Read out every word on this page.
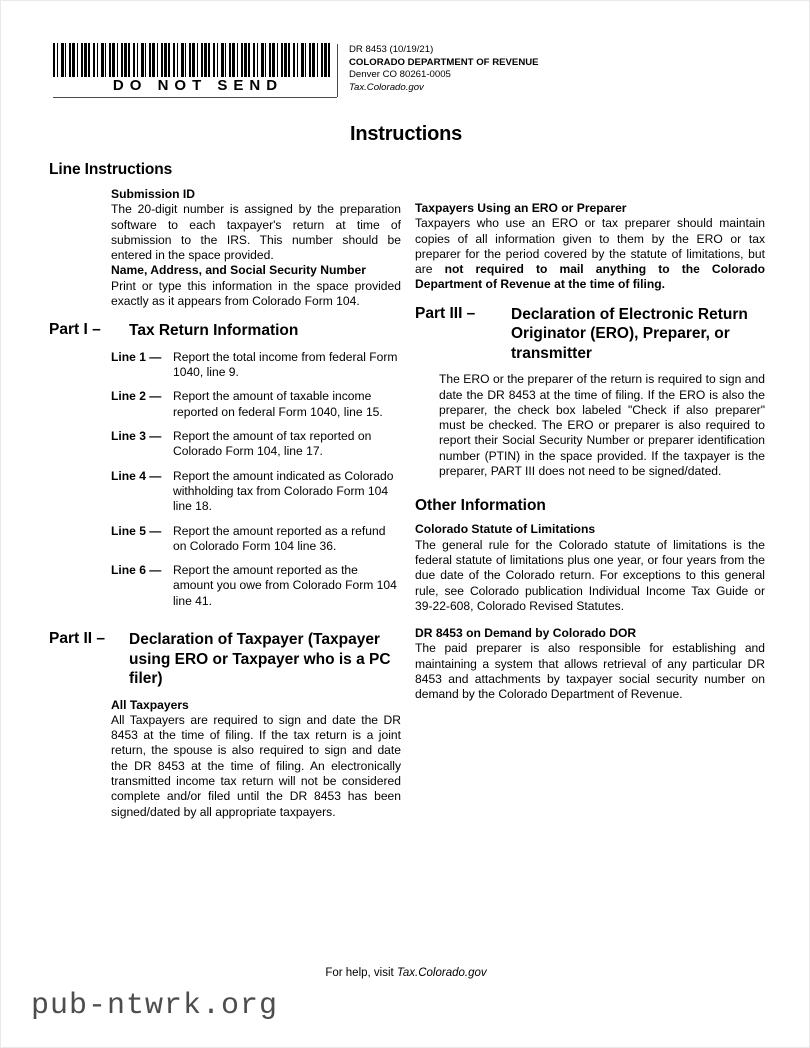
DO NOT SEND
DR 8453 (10/19/21)
COLORADO DEPARTMENT OF REVENUE
Denver CO 80261-0005
Tax.Colorado.gov
Instructions
Line Instructions
Submission ID

The 20-digit number is assigned by the preparation software to each taxpayer's return at time of submission to the IRS. This number should be entered in the space provided.

Name, Address, and Social Security Number

Print or type this information in the space provided exactly as it appears from Colorado Form 104.

Part I –	Tax Return Information
Line 1 — Report the total income from federal Form 1040, line 9.
Line 2 — Report the amount of taxable income reported on federal Form 1040, line 15.
Line 3 — Report the amount of tax reported on Colorado Form 104, line 17.
Line 4 — Report the amount indicated as Colorado withholding tax from Colorado Form 104 line 18.
Line 5 — Report the amount reported as a refund on Colorado Form 104 line 36.
Line 6 — Report the amount reported as the amount you owe from Colorado Form 104 line 41.
Part II –	Declaration of Taxpayer (Taxpayer using ERO or Taxpayer who is a PC filer)
All Taxpayers

All Taxpayers are required to sign and date the DR 8453 at the time of filing. If the tax return is a joint return, the spouse is also required to sign and date the DR 8453 at the time of filing. An electronically transmitted income tax return will not be considered complete and/or filed until the DR 8453 has been signed/dated by all appropriate taxpayers.

Taxpayers Using an ERO or Preparer

Taxpayers who use an ERO or tax preparer should maintain copies of all information given to them by the ERO or tax preparer for the period covered by the statute of limitations, but are not required to mail anything to the Colorado Department of Revenue at the time of filing.

Part III –	Declaration of Electronic Return Originator (ERO), Preparer, or transmitter

The ERO or the preparer of the return is required to sign and date the DR 8453 at the time of filing. If the ERO is also the preparer, the check box labeled "Check if also preparer" must be checked. The ERO or preparer is also required to report their Social Security Number or preparer identification number (PTIN) in the space provided. If the taxpayer is the preparer, PART III does not need to be signed/dated.

Other Information
Colorado Statute of Limitations

The general rule for the Colorado statute of limitations is the federal statute of limitations plus one year, or four years from the due date of the Colorado return. For exceptions to this general rule, see Colorado publication Individual Income Tax Guide or 39-22-608, Colorado Revised Statutes.

DR 8453 on Demand by Colorado DOR

The paid preparer is also responsible for establishing and maintaining a system that allows retrieval of any particular DR 8453 and attachments by taxpayer social security number on demand by the Colorado Department of Revenue.

For help, visit Tax.Colorado.gov
pub-ntwrk.org
